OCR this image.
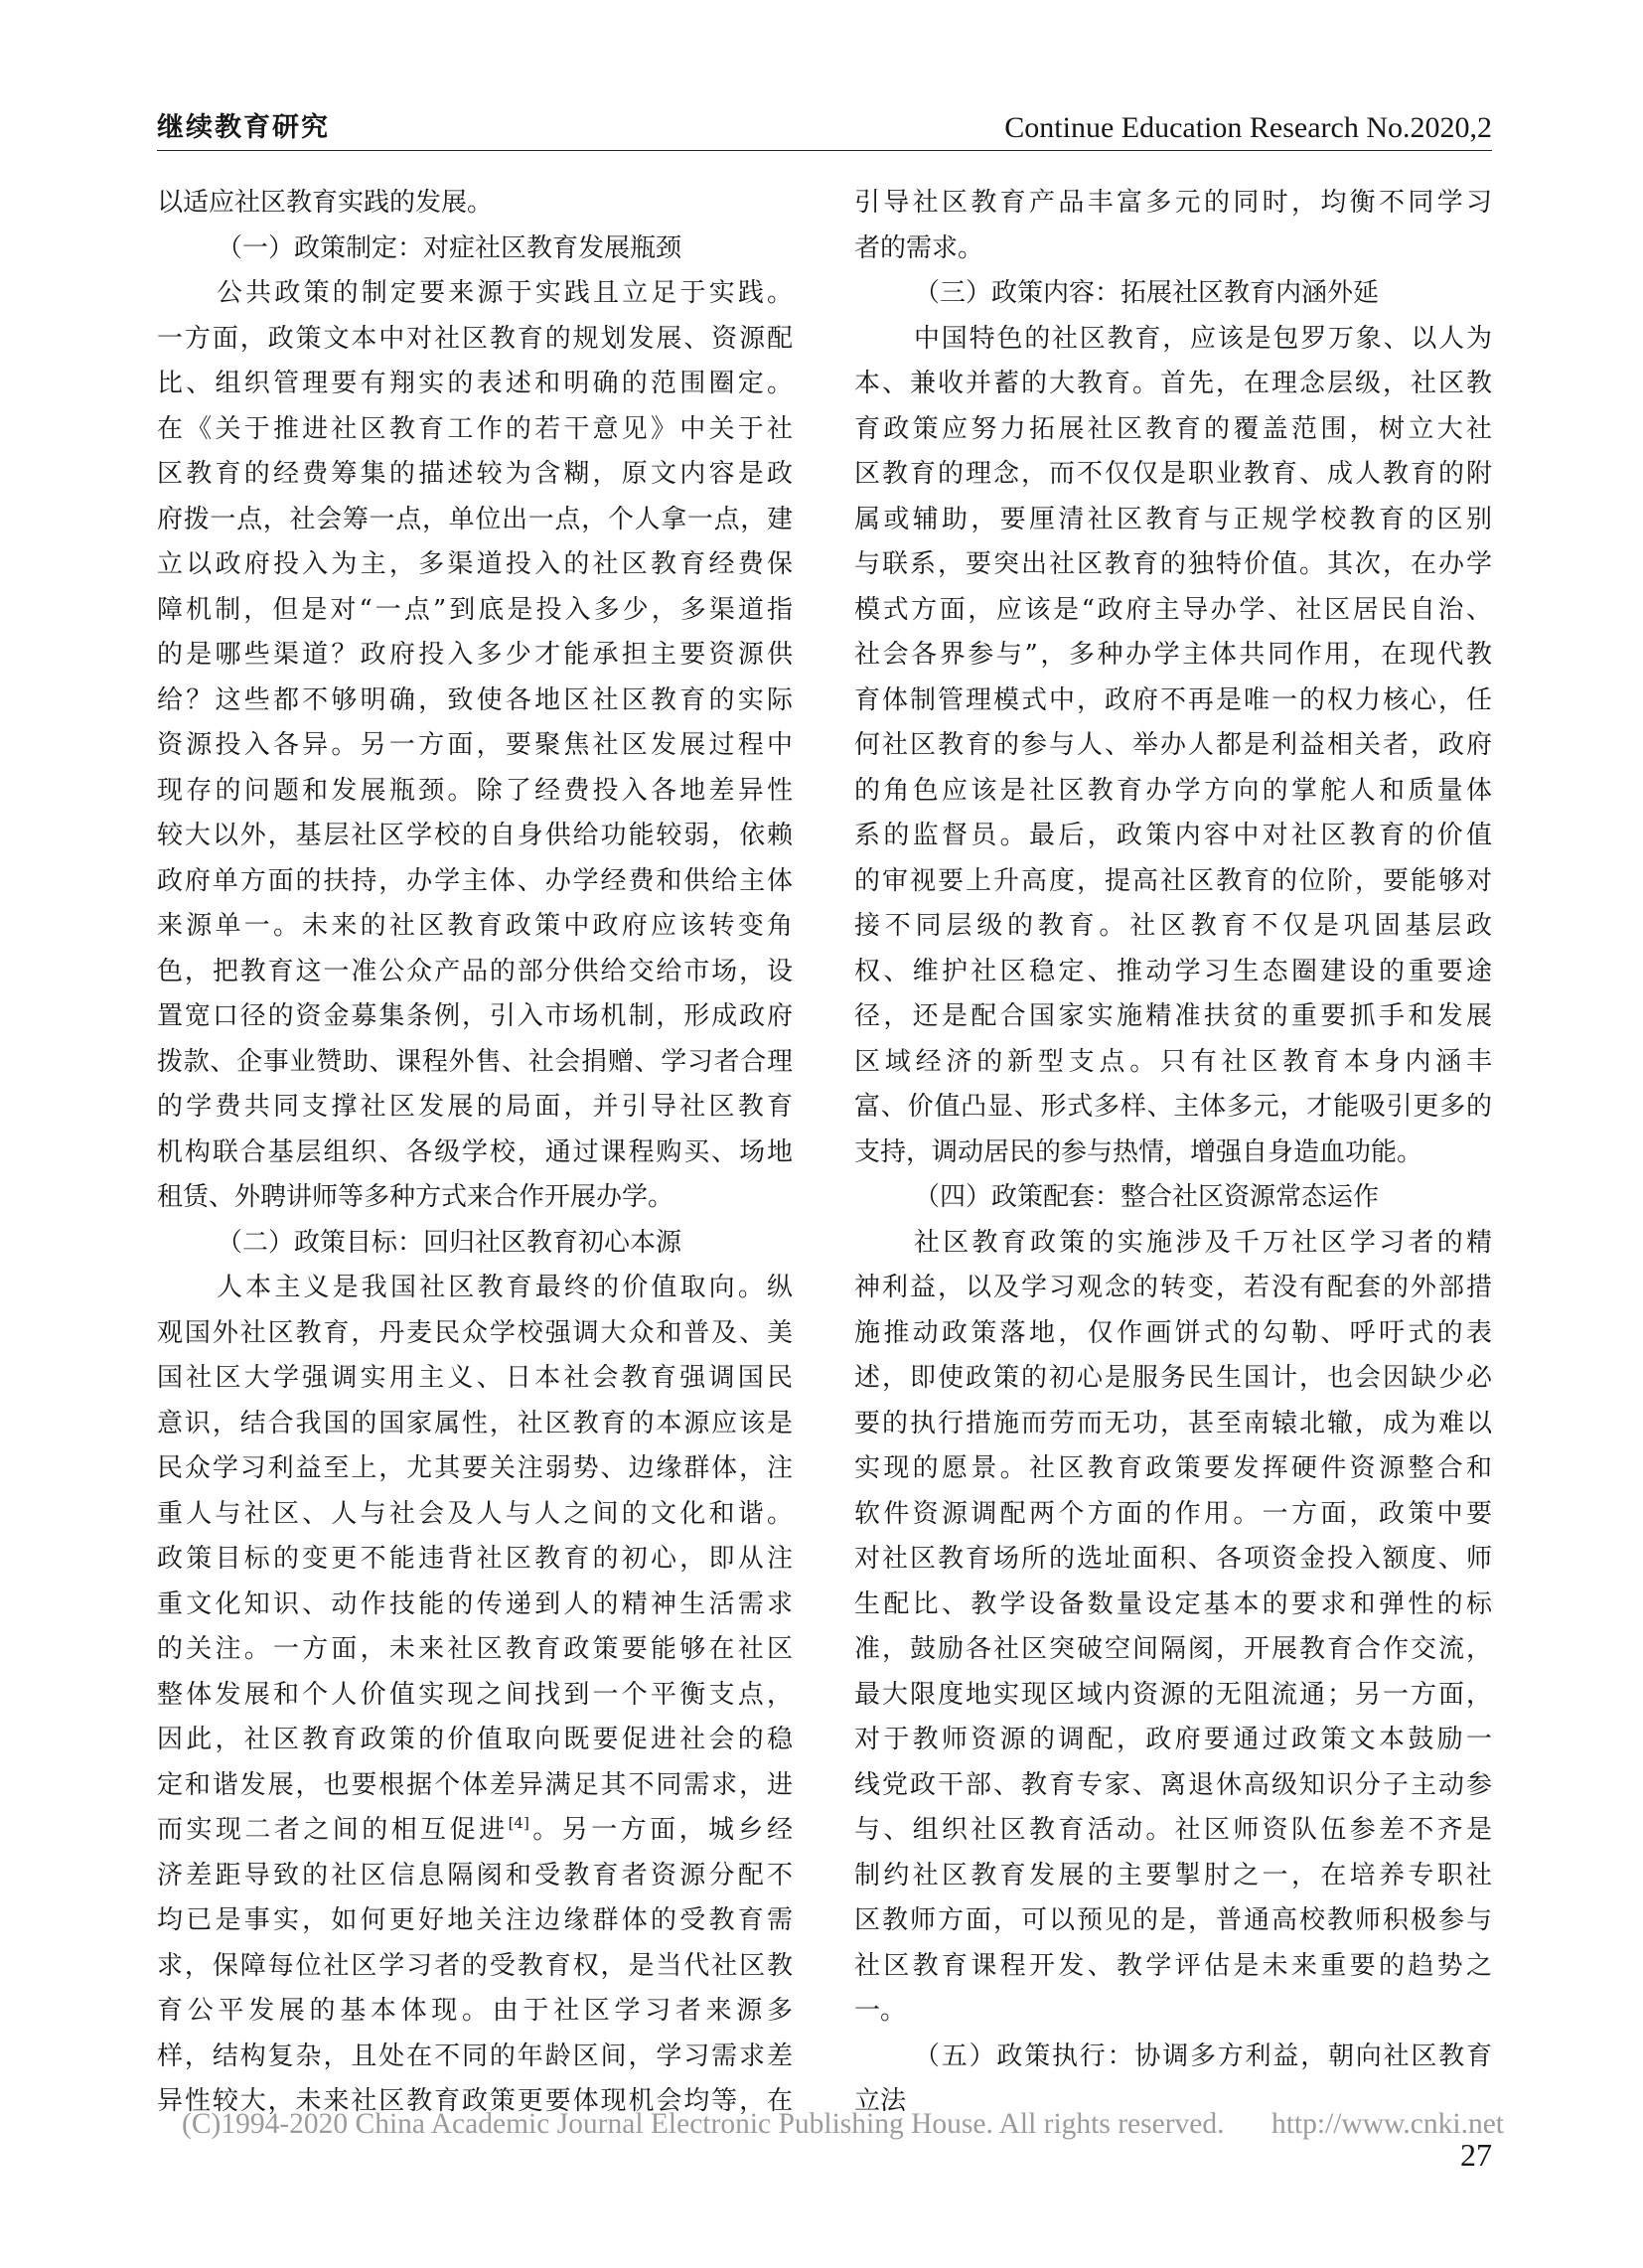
继续教育研究	Continue Education Research No.2020,2
以适应社区教育实践的发展。
（一）政策制定：对症社区教育发展瓶颈
公共政策的制定要来源于实践且立足于实践。
一方面，政策文本中对社区教育的规划发展、资源配
比、组织管理要有翔实的表述和明确的范围圈定。
在《关于推进社区教育工作的若干意见》中关于社
区教育的经费筹集的描述较为含糊，原文内容是政
府拨一点，社会筹一点，单位出一点，个人拿一点，建
立以政府投入为主，多渠道投入的社区教育经费保
障机制，但是对“一点”到底是投入多少，多渠道指
的是哪些渠道？政府投入多少才能承担主要资源供
给？这些都不够明确，致使各地区社区教育的实际
资源投入各异。另一方面，要聚焦社区发展过程中
现存的问题和发展瓶颈。除了经费投入各地差异性
较大以外，基层社区学校的自身供给功能较弱，依赖
政府单方面的扶持，办学主体、办学经费和供给主体
来源单一。未来的社区教育政策中政府应该转变角
色，把教育这一准公众产品的部分供给交给市场，设
置宽口径的资金募集条例，引入市场机制，形成政府
拨款、企事业赞助、课程外售、社会捐赠、学习者合理
的学费共同支撑社区发展的局面，并引导社区教育
机构联合基层组织、各级学校，通过课程购买、场地
租赁、外聘讲师等多种方式来合作开展办学。
（二）政策目标：回归社区教育初心本源
人本主义是我国社区教育最终的价值取向。纵
观国外社区教育，丹麦民众学校强调大众和普及、美
国社区大学强调实用主义、日本社会教育强调国民
意识，结合我国的国家属性，社区教育的本源应该是
民众学习利益至上，尤其要关注弱势、边缘群体，注
重人与社区、人与社会及人与人之间的文化和谐。
政策目标的变更不能违背社区教育的初心，即从注
重文化知识、动作技能的传递到人的精神生活需求
的关注。一方面，未来社区教育政策要能够在社区
整体发展和个人价值实现之间找到一个平衡支点，
因此，社区教育政策的价值取向既要促进社会的稳
定和谐发展，也要根据个体差异满足其不同需求，进
而实现二者之间的相互促进[4]。另一方面，城乡经
济差距导致的社区信息隔阂和受教育者资源分配不
均已是事实，如何更好地关注边缘群体的受教育需
求，保障每位社区学习者的受教育权，是当代社区教
育公平发展的基本体现。由于社区学习者来源多
样，结构复杂，且处在不同的年龄区间，学习需求差
异性较大，未来社区教育政策更要体现机会均等，在
引导社区教育产品丰富多元的同时，均衡不同学习
者的需求。
（三）政策内容：拓展社区教育内涵外延
中国特色的社区教育，应该是包罗万象、以人为
本、兼收并蓄的大教育。首先，在理念层级，社区教
育政策应努力拓展社区教育的覆盖范围，树立大社
区教育的理念，而不仅仅是职业教育、成人教育的附
属或辅助，要厘清社区教育与正规学校教育的区别
与联系，要突出社区教育的独特价值。其次，在办学
模式方面，应该是“政府主导办学、社区居民自治、
社会各界参与”，多种办学主体共同作用，在现代教
育体制管理模式中，政府不再是唯一的权力核心，任
何社区教育的参与人、举办人都是利益相关者，政府
的角色应该是社区教育办学方向的掌舵人和质量体
系的监督员。最后，政策内容中对社区教育的价值
的审视要上升高度，提高社区教育的位阶，要能够对
接不同层级的教育。社区教育不仅是巩固基层政
权、维护社区稳定、推动学习生态圈建设的重要途
径，还是配合国家实施精准扶贫的重要抓手和发展
区域经济的新型支点。只有社区教育本身内涵丰
富、价值凸显、形式多样、主体多元，才能吸引更多的
支持，调动居民的参与热情，增强自身造血功能。
（四）政策配套：整合社区资源常态运作
社区教育政策的实施涉及千万社区学习者的精
神利益，以及学习观念的转变，若没有配套的外部措
施推动政策落地，仅作画饼式的勾勒、呼吁式的表
述，即使政策的初心是服务民生国计，也会因缺少必
要的执行措施而劳而无功，甚至南辕北辙，成为难以
实现的愿景。社区教育政策要发挥硬件资源整合和
软件资源调配两个方面的作用。一方面，政策中要
对社区教育场所的选址面积、各项资金投入额度、师
生配比、教学设备数量设定基本的要求和弹性的标
准，鼓励各社区突破空间隔阂，开展教育合作交流，
最大限度地实现区域内资源的无阻流通；另一方面，
对于教师资源的调配，政府要通过政策文本鼓励一
线党政干部、教育专家、离退休高级知识分子主动参
与、组织社区教育活动。社区师资队伍参差不齐是
制约社区教育发展的主要掣肘之一，在培养专职社
区教师方面，可以预见的是，普通高校教师积极参与
社区教育课程开发、教学评估是未来重要的趋势之
一。
（五）政策执行：协调多方利益，朝向社区教育
立法
(C)1994-2020 China Academic Journal Electronic Publishing House. All rights reserved. http://www.cnki.net
27
